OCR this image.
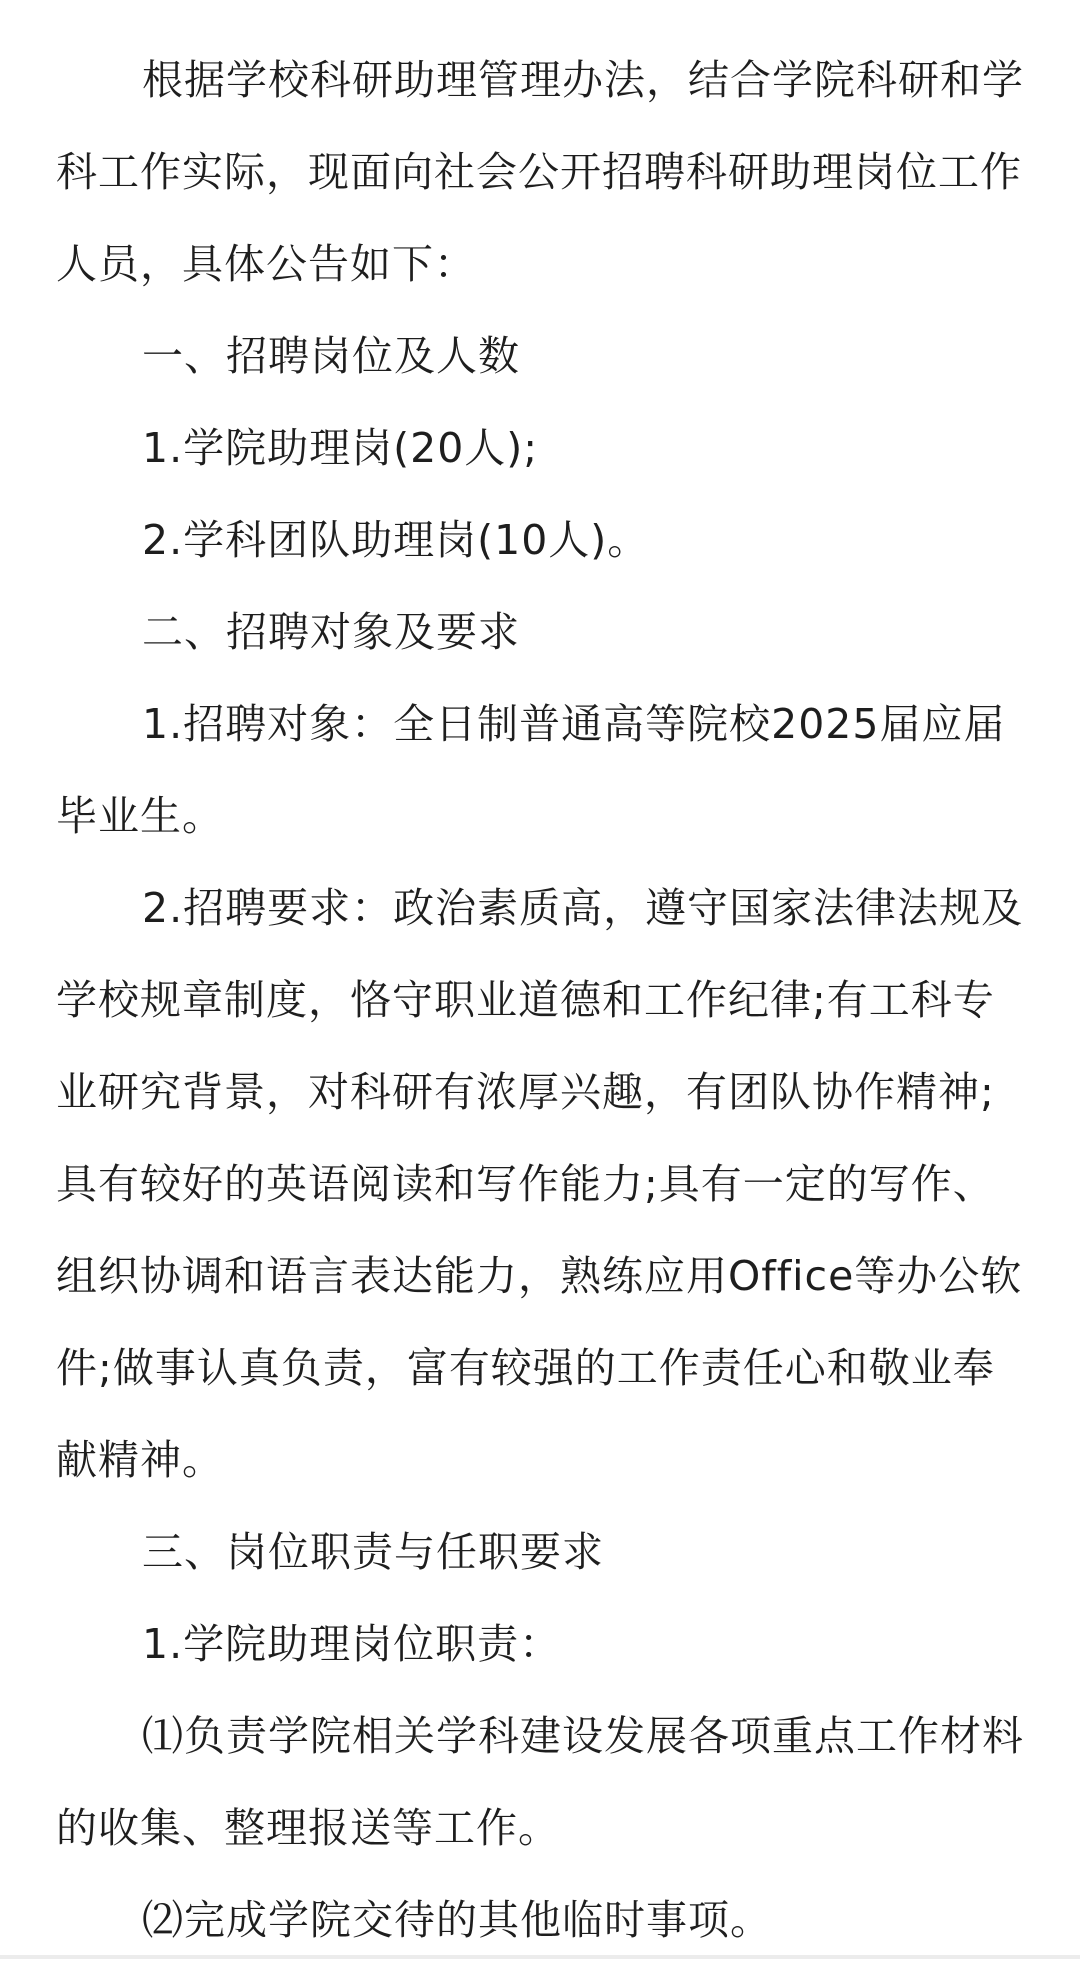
根据学校科研助理管理办法，结合学院科研和学科工作实际，现面向社会公开招聘科研助理岗位工作人员，具体公告如下：

一、招聘岗位及人数

1.学院助理岗(20人);

2.学科团队助理岗(10人)。

二、招聘对象及要求

1.招聘对象：全日制普通高等院校2025届应届毕业生。

2.招聘要求：政治素质高，遵守国家法律法规及学校规章制度，恪守职业道德和工作纪律;有工科专业研究背景，对科研有浓厚兴趣，有团队协作精神;具有较好的英语阅读和写作能力;具有一定的写作、组织协调和语言表达能力，熟练应用Office等办公软件;做事认真负责，富有较强的工作责任心和敬业奉献精神。

三、岗位职责与任职要求

1.学院助理岗位职责：

⑴负责学院相关学科建设发展各项重点工作材料的收集、整理报送等工作。

⑵完成学院交待的其他临时事项。
